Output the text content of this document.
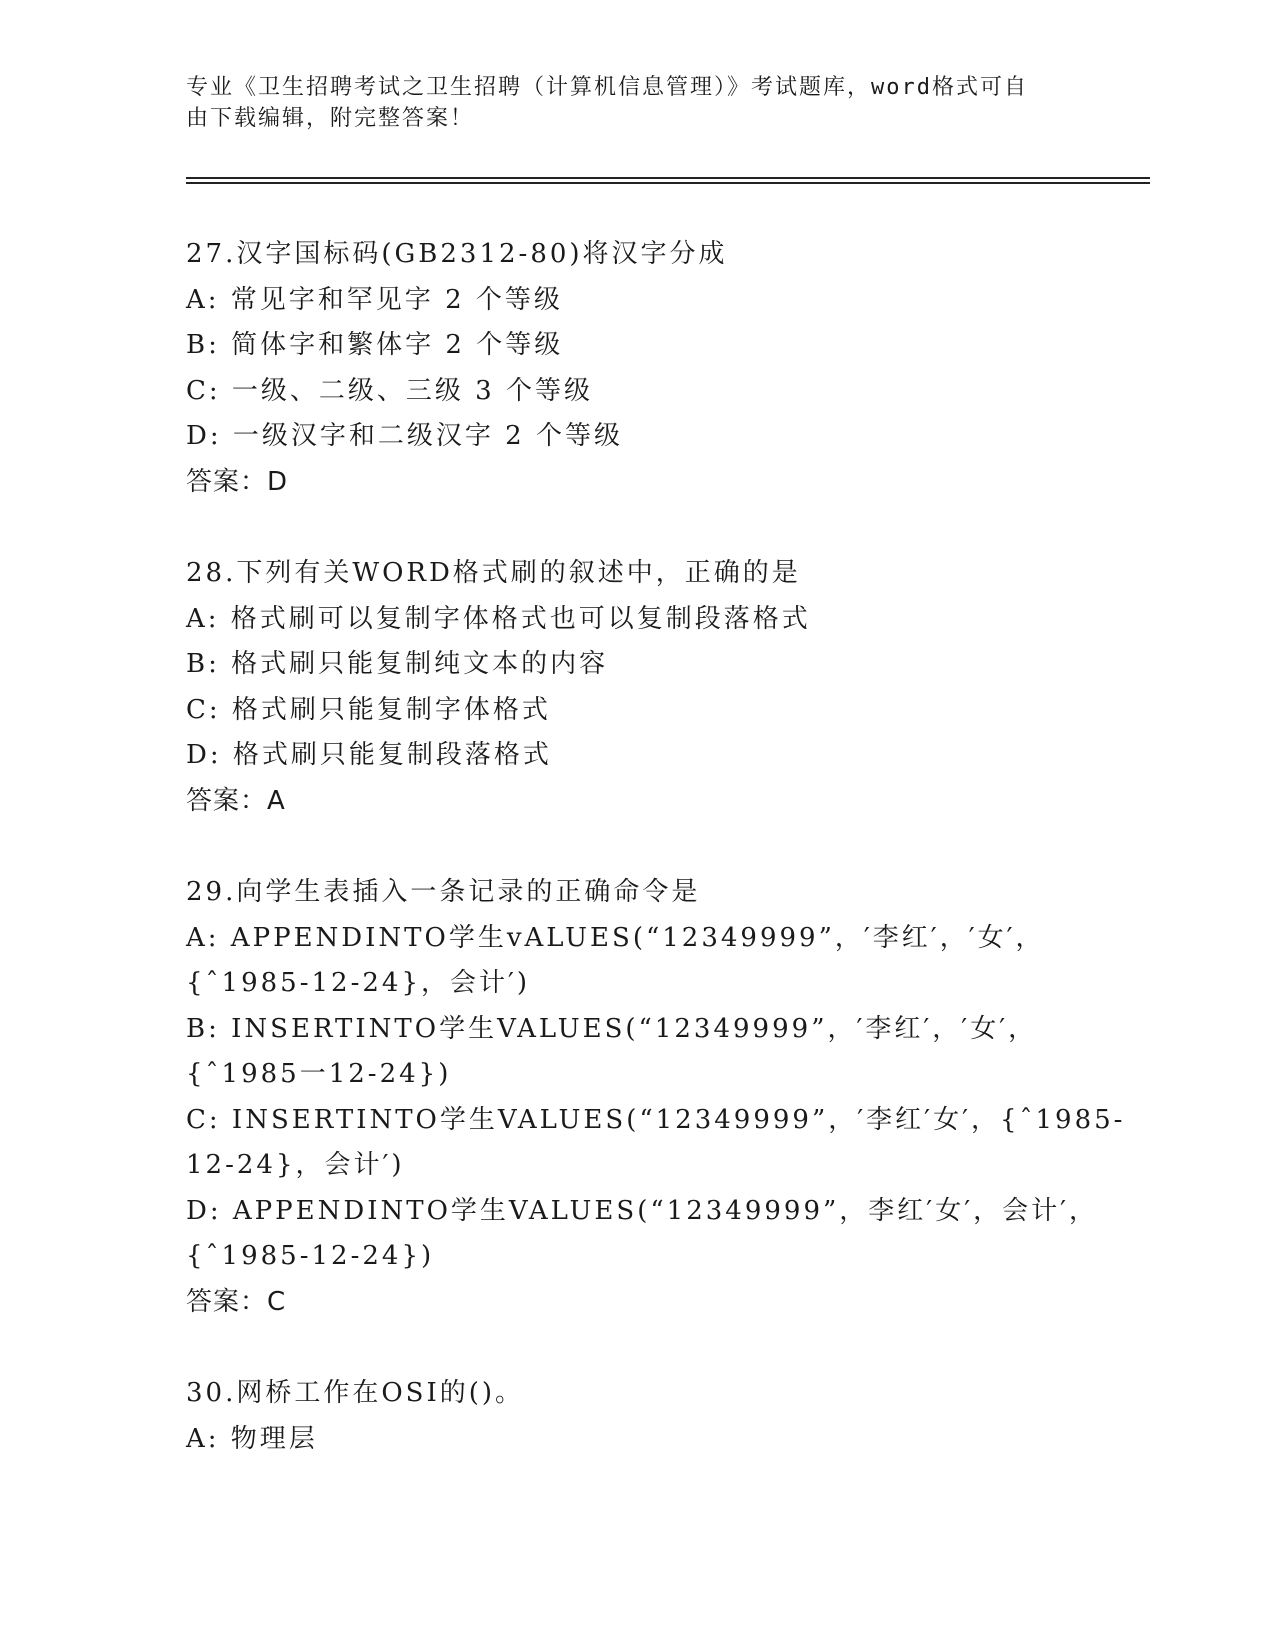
专业《卫生招聘考试之卫生招聘（计算机信息管理）》考试题库，word格式可自
由下载编辑，附完整答案！
27.汉字国标码(GB2312-80)将汉字分成
A: 常见字和罕见字 2 个等级
B: 简体字和繁体字 2 个等级
C: 一级、二级、三级 3 个等级
D: 一级汉字和二级汉字 2 个等级
答案：D
28.下列有关WORD格式刷的叙述中，正确的是
A: 格式刷可以复制字体格式也可以复制段落格式
B: 格式刷只能复制纯文本的内容
C: 格式刷只能复制字体格式
D: 格式刷只能复制段落格式
答案：A
29.向学生表插入一条记录的正确命令是
A: APPENDINTO学生vALUES(“12349999”，′李红′，′女′，
{ˆ1985-12-24}，会计′)
B: INSERTINTO学生VALUES(“12349999”，′李红′，′女′，
{ˆ1985一12-24})
C: INSERTINTO学生VALUES(“12349999”，′李红′女′，{ˆ1985-
12-24}，会计′)
D: APPENDINTO学生VALUES(“12349999”，李红′女′，会计′，
{ˆ1985-12-24})
答案：C
30.网桥工作在OSI的()。
A: 物理层
